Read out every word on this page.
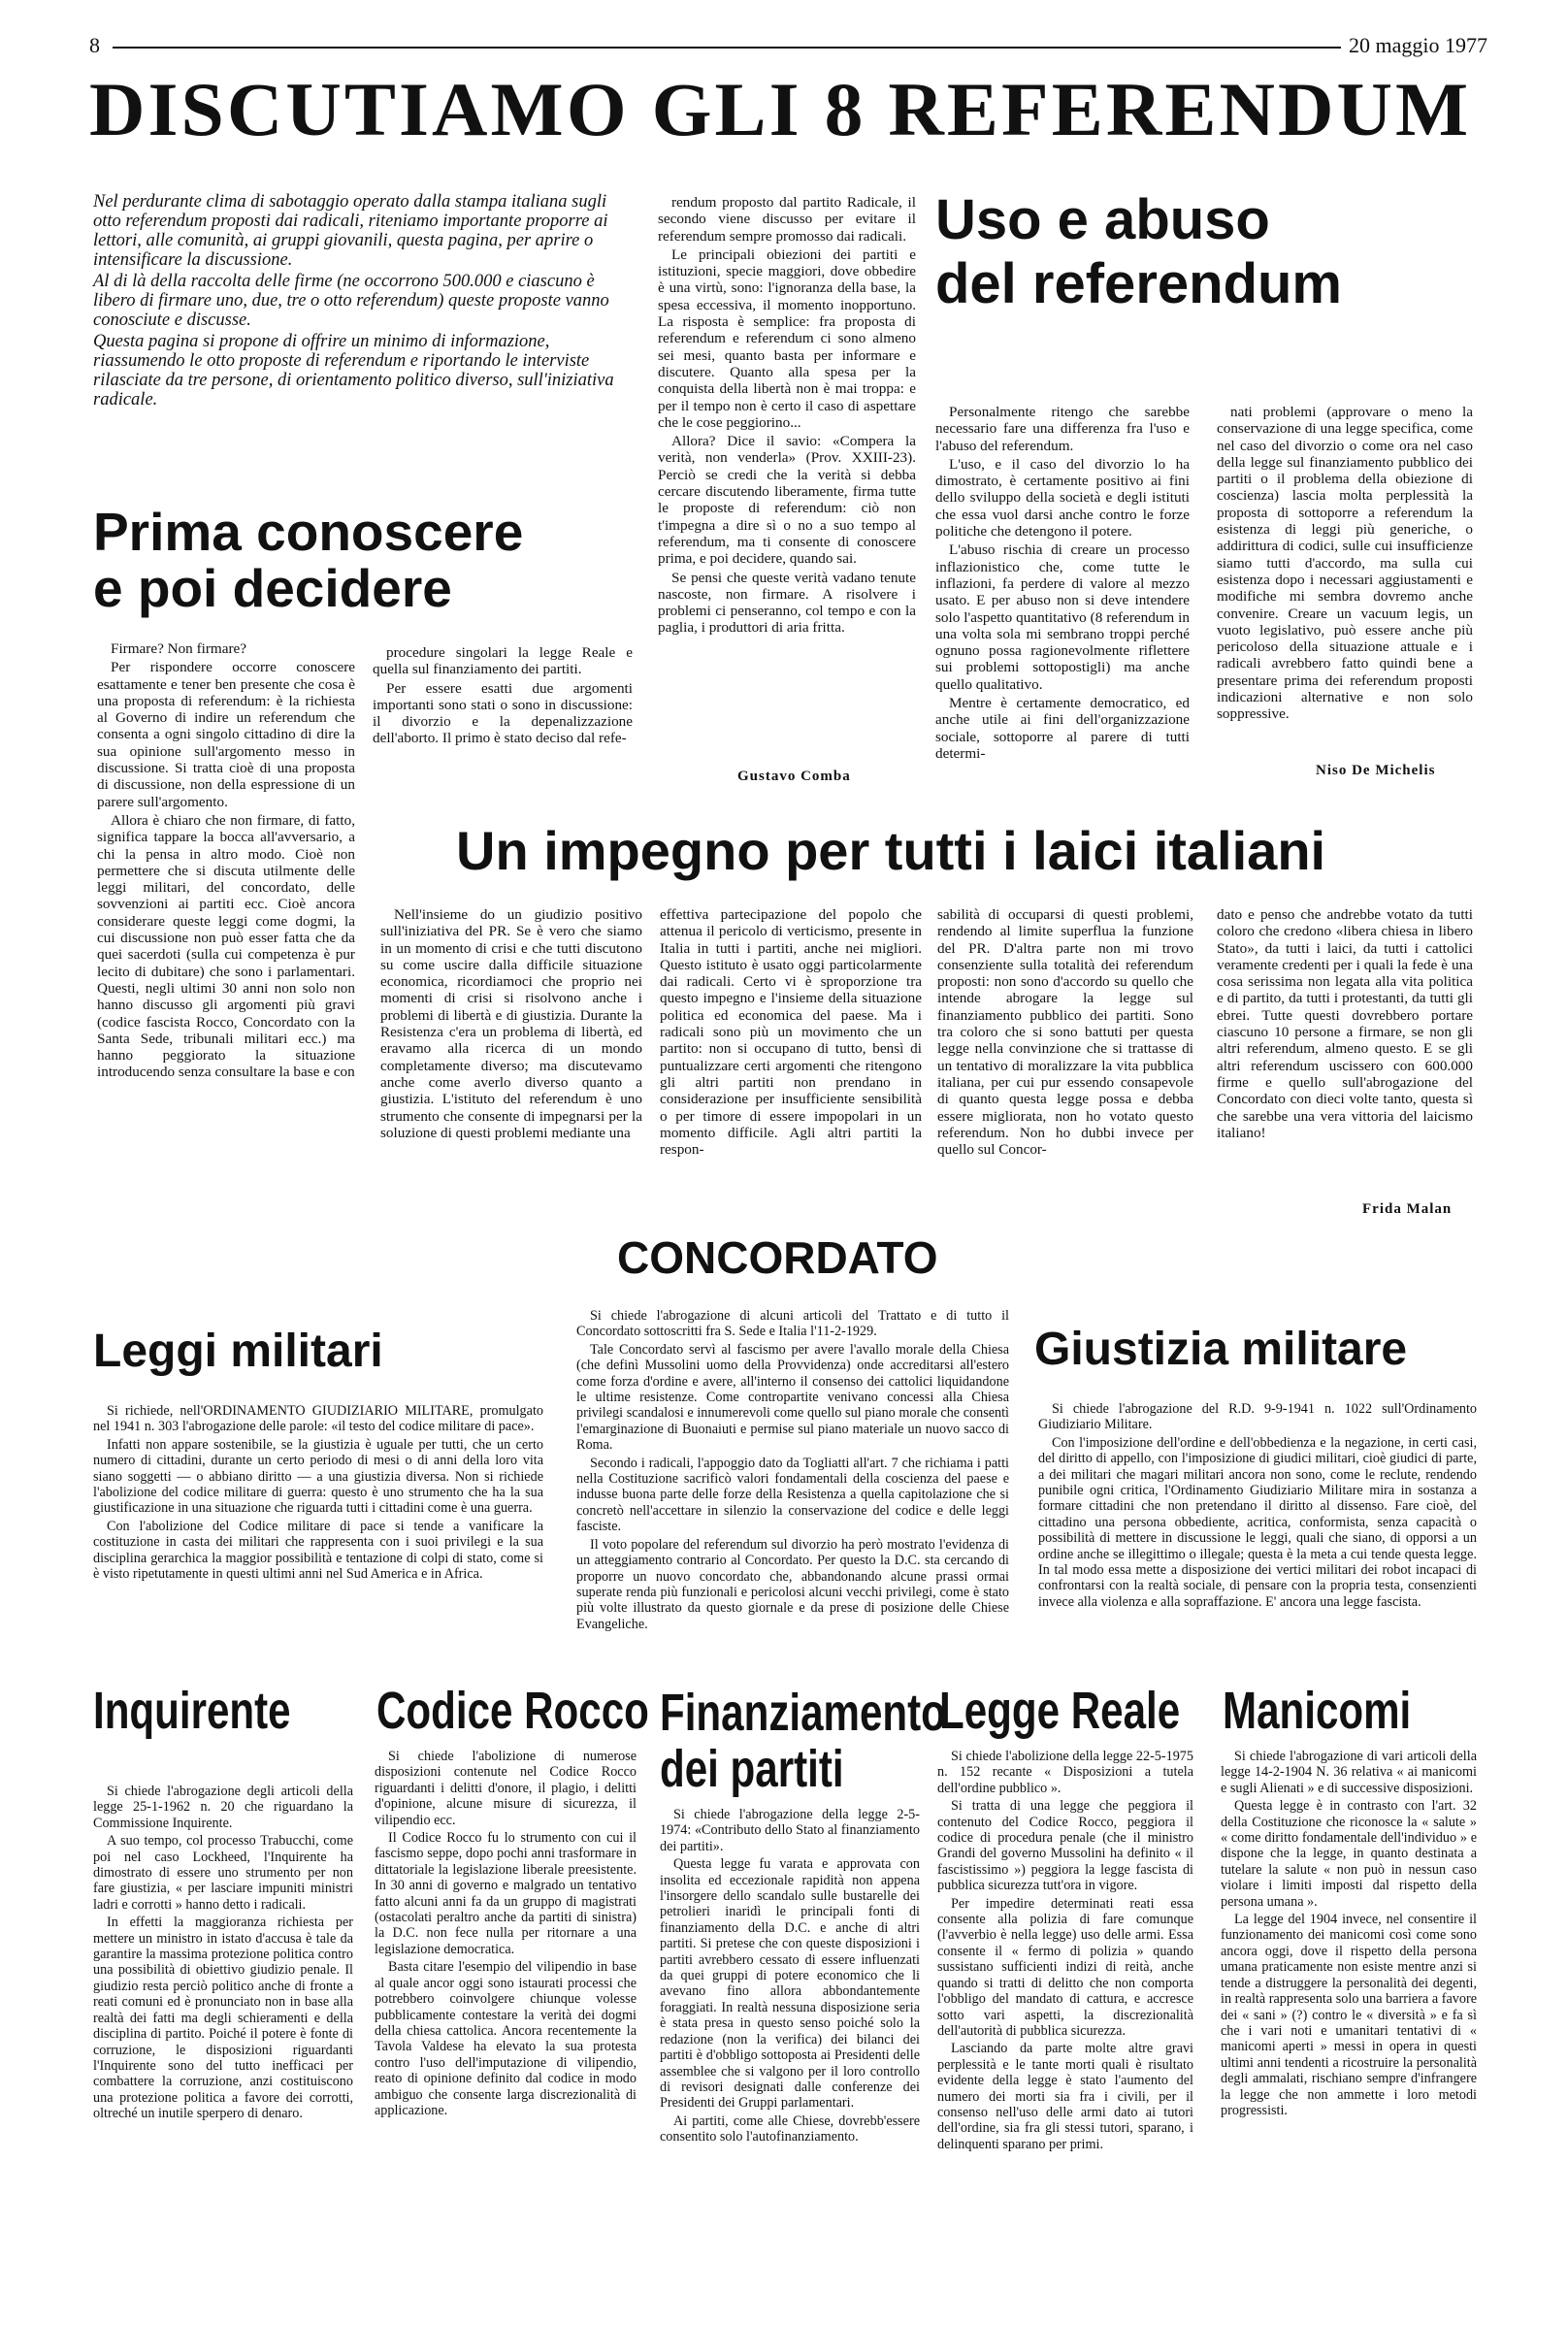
8	20 maggio 1977
DISCUTIAMO GLI 8 REFERENDUM

Nel perdurante clima di sabotaggio operato dalla stampa italiana sugli otto referendum proposti dai radicali, riteniamo importante proporre ai lettori, alle comunità, ai gruppi giovanili, questa pagina, per aprire o intensificare la discussione.

Al di là della raccolta delle firme (ne occorrono 500.000 e ciascuno è libero di firmare uno, due, tre o otto referendum) queste proposte vanno conosciute e discusse.

Questa pagina si propone di offrire un minimo di informazione, riassumendo le otto proposte di referendum e riportando le interviste rilasciate da tre persone, di orientamento politico diverso, sull'iniziativa radicale.

Prima conoscere
e poi decidere

Firmare? Non firmare?

Per rispondere occorre conoscere esattamente e tener ben presente che cosa è una proposta di referendum: è la richiesta al Governo di indire un referendum che consenta a ogni singolo cittadino di dire la sua opinione sull'argomento messo in discussione. Si tratta cioè di una proposta di discussione, non della espressione di un parere sull'argomento.

Allora è chiaro che non firmare, di fatto, significa tappare la bocca all'avversario, a chi la pensa in altro modo. Cioè non permettere che si discuta utilmente delle leggi militari, del concordato, delle sovvenzioni ai partiti ecc. Cioè ancora considerare queste leggi come dogmi, la cui discussione non può esser fatta che da quei sacerdoti (sulla cui competenza è pur lecito di dubitare) che sono i parlamentari. Questi, negli ultimi 30 anni non solo non hanno discusso gli argomenti più gravi (codice fascista Rocco, Concordato con la Santa Sede, tribunali militari ecc.) ma hanno peggiorato la situazione introducendo senza consultare la base e con

procedure singolari la legge Reale e quella sul finanziamento dei partiti.

Per essere esatti due argomenti importanti sono stati o sono in discussione: il divorzio e la depenalizzazione dell'aborto. Il primo è stato deciso dal refe-

rendum proposto dal partito Radicale, il secondo viene discusso per evitare il referendum sempre promosso dai radicali.

Le principali obiezioni dei partiti e istituzioni, specie maggiori, dove obbedire è una virtù, sono: l'ignoranza della base, la spesa eccessiva, il momento inopportuno. La risposta è semplice: fra proposta di referendum e referendum ci sono almeno sei mesi, quanto basta per informare e discutere. Quanto alla spesa per la conquista della libertà non è mai troppa: e per il tempo non è certo il caso di aspettare che le cose peggiorino...

Allora? Dice il savio: «Compera la verità, non venderla» (Prov. XXIII-23). Perciò se credi che la verità si debba cercare discutendo liberamente, firma tutte le proposte di referendum: ciò non t'impegna a dire sì o no a suo tempo al referendum, ma ti consente di conoscere prima, e poi decidere, quando sai.

Se pensi che queste verità vadano tenute nascoste, non firmare. A risolvere i problemi ci penseranno, col tempo e con la paglia, i produttori di aria fritta.

Gustavo Comba
Uso e abuso
del referendum

Personalmente ritengo che sarebbe necessario fare una differenza fra l'uso e l'abuso del referendum.

L'uso, e il caso del divorzio lo ha dimostrato, è certamente positivo ai fini dello sviluppo della società e degli istituti che essa vuol darsi anche contro le forze politiche che detengono il potere.

L'abuso rischia di creare un processo inflazionistico che, come tutte le inflazioni, fa perdere di valore al mezzo usato. E per abuso non si deve intendere solo l'aspetto quantitativo (8 referendum in una volta sola mi sembrano troppi perché ognuno possa ragionevolmente riflettere sui problemi sottopostigli) ma anche quello qualitativo.

Mentre è certamente democratico, ed anche utile ai fini dell'organizzazione sociale, sottoporre al parere di tutti determi-

nati problemi (approvare o meno la conservazione di una legge specifica, come nel caso del divorzio o come ora nel caso della legge sul finanziamento pubblico dei partiti o il problema della obiezione di coscienza) lascia molta perplessità la proposta di sottoporre a referendum la esistenza di leggi più generiche, o addirittura di codici, sulle cui insufficienze siamo tutti d'accordo, ma sulla cui esistenza dopo i necessari aggiustamenti e modifiche mi sembra dovremo anche convenire. Creare un vacuum legis, un vuoto legislativo, può essere anche più pericoloso della situazione attuale e i radicali avrebbero fatto quindi bene a presentare prima dei referendum proposti indicazioni alternative e non solo soppressive.

Niso De Michelis
Un impegno per tutti i laici italiani

Nell'insieme do un giudizio positivo sull'iniziativa del PR. Se è vero che siamo in un momento di crisi e che tutti discutono su come uscire dalla difficile situazione economica, ricordiamoci che proprio nei momenti di crisi si risolvono anche i problemi di libertà e di giustizia. Durante la Resistenza c'era un problema di libertà, ed eravamo alla ricerca di un mondo completamente diverso; ma discutevamo anche come averlo diverso quanto a giustizia. L'istituto del referendum è uno strumento che consente di impegnarsi per la soluzione di questi problemi mediante una

effettiva partecipazione del popolo che attenua il pericolo di verticismo, presente in Italia in tutti i partiti, anche nei migliori. Questo istituto è usato oggi particolarmente dai radicali. Certo vi è sproporzione tra questo impegno e l'insieme della situazione politica ed economica del paese. Ma i radicali sono più un movimento che un partito: non si occupano di tutto, bensì di puntualizzare certi argomenti che ritengono gli altri partiti non prendano in considerazione per insufficiente sensibilità o per timore di essere impopolari in un momento difficile. Agli altri partiti la respon-

sabilità di occuparsi di questi problemi, rendendo al limite superflua la funzione del PR. D'altra parte non mi trovo consenziente sulla totalità dei referendum proposti: non sono d'accordo su quello che intende abrogare la legge sul finanziamento pubblico dei partiti. Sono tra coloro che si sono battuti per questa legge nella convinzione che si trattasse di un tentativo di moralizzare la vita pubblica italiana, per cui pur essendo consapevole di quanto questa legge possa e debba essere migliorata, non ho votato questo referendum. Non ho dubbi invece per quello sul Concor-

dato e penso che andrebbe votato da tutti coloro che credono «libera chiesa in libero Stato», da tutti i laici, da tutti i cattolici veramente credenti per i quali la fede è una cosa serissima non legata alla vita politica e di partito, da tutti i protestanti, da tutti gli ebrei. Tutte questi dovrebbero portare ciascuno 10 persone a firmare, se non gli altri referendum, almeno questo. E se gli altri referendum uscissero con 600.000 firme e quello sull'abrogazione del Concordato con dieci volte tanto, questa sì che sarebbe una vera vittoria del laicismo italiano!

Frida Malan
CONCORDATO

Si chiede l'abrogazione di alcuni articoli del Trattato e di tutto il Concordato sottoscritti fra S. Sede e Italia l'11-2-1929.

Tale Concordato servì al fascismo per avere l'avallo morale della Chiesa (che definì Mussolini uomo della Provvidenza) onde accreditarsi all'estero come forza d'ordine e avere, all'interno il consenso dei cattolici liquidandone le ultime resistenze. Come contropartite venivano concessi alla Chiesa privilegi scandalosi e innumerevoli come quello sul piano morale che consentì l'emarginazione di Buonaiuti e permise sul piano materiale un nuovo sacco di Roma.

Secondo i radicali, l'appoggio dato da Togliatti all'art. 7 che richiama i patti nella Costituzione sacrificò valori fondamentali della coscienza del paese e indusse buona parte delle forze della Resistenza a quella capitolazione che si concretò nell'accettare in silenzio la conservazione del codice e delle leggi fasciste.

Il voto popolare del referendum sul divorzio ha però mostrato l'evidenza di un atteggiamento contrario al Concordato. Per questo la D.C. sta cercando di proporre un nuovo concordato che, abbandonando alcune prassi ormai superate renda più funzionali e pericolosi alcuni vecchi privilegi, come è stato più volte illustrato da questo giornale e da prese di posizione delle Chiese Evangeliche.

Leggi militari

Si richiede, nell'ORDINAMENTO GIUDIZIARIO MILITARE, promulgato nel 1941 n. 303 l'abrogazione delle parole: «il testo del codice militare di pace».

Infatti non appare sostenibile, se la giustizia è uguale per tutti, che un certo numero di cittadini, durante un certo periodo di mesi o di anni della loro vita siano soggetti — o abbiano diritto — a una giustizia diversa. Non si richiede l'abolizione del codice militare di guerra: questo è uno strumento che ha la sua giustificazione in una situazione che riguarda tutti i cittadini come è una guerra.

Con l'abolizione del Codice militare di pace si tende a vanificare la costituzione in casta dei militari che rappresenta con i suoi privilegi e la sua disciplina gerarchica la maggior possibilità e tentazione di colpi di stato, come si è visto ripetutamente in questi ultimi anni nel Sud America e in Africa.

Giustizia militare

Si chiede l'abrogazione del R.D. 9-9-1941 n. 1022 sull'Ordinamento Giudiziario Militare.

Con l'imposizione dell'ordine e dell'obbedienza e la negazione, in certi casi, del diritto di appello, con l'imposizione di giudici militari, cioè giudici di parte, a dei militari che magari militari ancora non sono, come le reclute, rendendo punibile ogni critica, l'Ordinamento Giudiziario Militare mira in sostanza a formare cittadini che non pretendano il diritto al dissenso. Fare cioè, del cittadino una persona obbediente, acritica, conformista, senza capacità o possibilità di mettere in discussione le leggi, quali che siano, di opporsi a un ordine anche se illegittimo o illegale; questa è la meta a cui tende questa legge. In tal modo essa mette a disposizione dei vertici militari dei robot incapaci di confrontarsi con la realtà sociale, di pensare con la propria testa, consenzienti invece alla violenza e alla sopraffazione. E' ancora una legge fascista.

Inquirente

Si chiede l'abrogazione degli articoli della legge 25-1-1962 n. 20 che riguardano la Commissione Inquirente.

A suo tempo, col processo Trabucchi, come poi nel caso Lockheed, l'Inquirente ha dimostrato di essere uno strumento per non fare giustizia, « per lasciare impuniti ministri ladri e corrotti » hanno detto i radicali.

In effetti la maggioranza richiesta per mettere un ministro in istato d'accusa è tale da garantire la massima protezione politica contro una possibilità di obiettivo giudizio penale. Il giudizio resta perciò politico anche di fronte a reati comuni ed è pronunciato non in base alla realtà dei fatti ma degli schieramenti e della disciplina di partito. Poiché il potere è fonte di corruzione, le disposizioni riguardanti l'Inquirente sono del tutto inefficaci per combattere la corruzione, anzi costituiscono una protezione politica a favore dei corrotti, oltreché un inutile sperpero di denaro.

Codice Rocco

Si chiede l'abolizione di numerose disposizioni contenute nel Codice Rocco riguardanti i delitti d'onore, il plagio, i delitti d'opinione, alcune misure di sicurezza, il vilipendio ecc.

Il Codice Rocco fu lo strumento con cui il fascismo seppe, dopo pochi anni trasformare in dittatoriale la legislazione liberale preesistente. In 30 anni di governo e malgrado un tentativo fatto alcuni anni fa da un gruppo di magistrati (ostacolati peraltro anche da partiti di sinistra) la D.C. non fece nulla per ritornare a una legislazione democratica.

Basta citare l'esempio del vilipendio in base al quale ancor oggi sono istaurati processi che potrebbero coinvolgere chiunque volesse pubblicamente contestare la verità dei dogmi della chiesa cattolica. Ancora recentemente la Tavola Valdese ha elevato la sua protesta contro l'uso dell'imputazione di vilipendio, reato di opinione definito dal codice in modo ambiguo che consente larga discrezionalità di applicazione.

Finanziamento
dei partiti

Si chiede l'abrogazione della legge 2-5-1974: «Contributo dello Stato al finanziamento dei partiti».

Questa legge fu varata e approvata con insolita ed eccezionale rapidità non appena l'insorgere dello scandalo sulle bustarelle dei petrolieri inaridì le principali fonti di finanziamento della D.C. e anche di altri partiti. Si pretese che con queste disposizioni i partiti avrebbero cessato di essere influenzati da quei gruppi di potere economico che li avevano fino allora abbondantemente foraggiati. In realtà nessuna disposizione seria è stata presa in questo senso poiché solo la redazione (non la verifica) dei bilanci dei partiti è d'obbligo sottoposta ai Presidenti delle assemblee che si valgono per il loro controllo di revisori designati dalle conferenze dei Presidenti dei Gruppi parlamentari.

Ai partiti, come alle Chiese, dovrebb'essere consentito solo l'autofinanziamento.

Legge Reale

Si chiede l'abolizione della legge 22-5-1975 n. 152 recante « Disposizioni a tutela dell'ordine pubblico ».

Si tratta di una legge che peggiora il contenuto del Codice Rocco, peggiora il codice di procedura penale (che il ministro Grandi del governo Mussolini ha definito « il fascistissimo ») peggiora la legge fascista di pubblica sicurezza tutt'ora in vigore.

Per impedire determinati reati essa consente alla polizia di fare comunque (l'avverbio è nella legge) uso delle armi. Essa consente il « fermo di polizia » quando sussistano sufficienti indizi di reità, anche quando si tratti di delitto che non comporta l'obbligo del mandato di cattura, e accresce sotto vari aspetti, la discrezionalità dell'autorità di pubblica sicurezza.

Lasciando da parte molte altre gravi perplessità e le tante morti quali è risultato evidente della legge è stato l'aumento del numero dei morti sia fra i civili, per il consenso nell'uso delle armi dato ai tutori dell'ordine, sia fra gli stessi tutori, sparano, i delinquenti sparano per primi.

Manicomi

Si chiede l'abrogazione di vari articoli della legge 14-2-1904 N. 36 relativa « ai manicomi e sugli Alienati » e di successive disposizioni.

Questa legge è in contrasto con l'art. 32 della Costituzione che riconosce la « salute » « come diritto fondamentale dell'individuo » e dispone che la legge, in quanto destinata a tutelare la salute « non può in nessun caso violare i limiti imposti dal rispetto della persona umana ».

La legge del 1904 invece, nel consentire il funzionamento dei manicomi così come sono ancora oggi, dove il rispetto della persona umana praticamente non esiste mentre anzi si tende a distruggere la personalità dei degenti, in realtà rappresenta solo una barriera a favore dei « sani » (?) contro le « diversità » e fa sì che i vari noti e umanitari tentativi di « manicomi aperti » messi in opera in questi ultimi anni tendenti a ricostruire la personalità degli ammalati, rischiano sempre d'infrangere la legge che non ammette i loro metodi progressisti.
